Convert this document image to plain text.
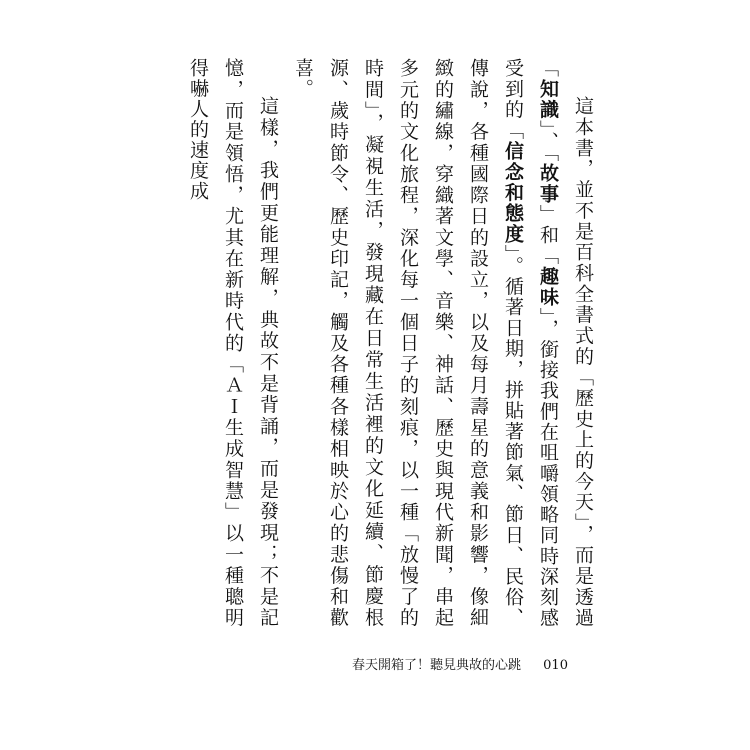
這本書，並不是百科全書式的「歷史上的今天」，而是透過「知識」、「故事」和「趣味」，銜接我們在咀嚼領略同時深刻感受到的「信念和態度」。循著日期，拼貼著節氣、節日、民俗、傳說，各種國際日的設立，以及每月壽星的意義和影響，像細緻的繡線，穿織著文學、音樂、神話、歷史與現代新聞，串起多元的文化旅程，深化每一個日子的刻痕，以一種「放慢了的時間」，凝視生活，發現藏在日常生活裡的文化延續、節慶根源、歲時節令、歷史印記，觸及各種各樣相映於心的悲傷和歡喜。

這樣，我們更能理解，典故不是背誦，而是發現；不是記憶，而是領悟，尤其在新時代的「ＡＩ生成智慧」以一種聰明得嚇人的速度成

春天開箱了！聽見典故的心跳 010
